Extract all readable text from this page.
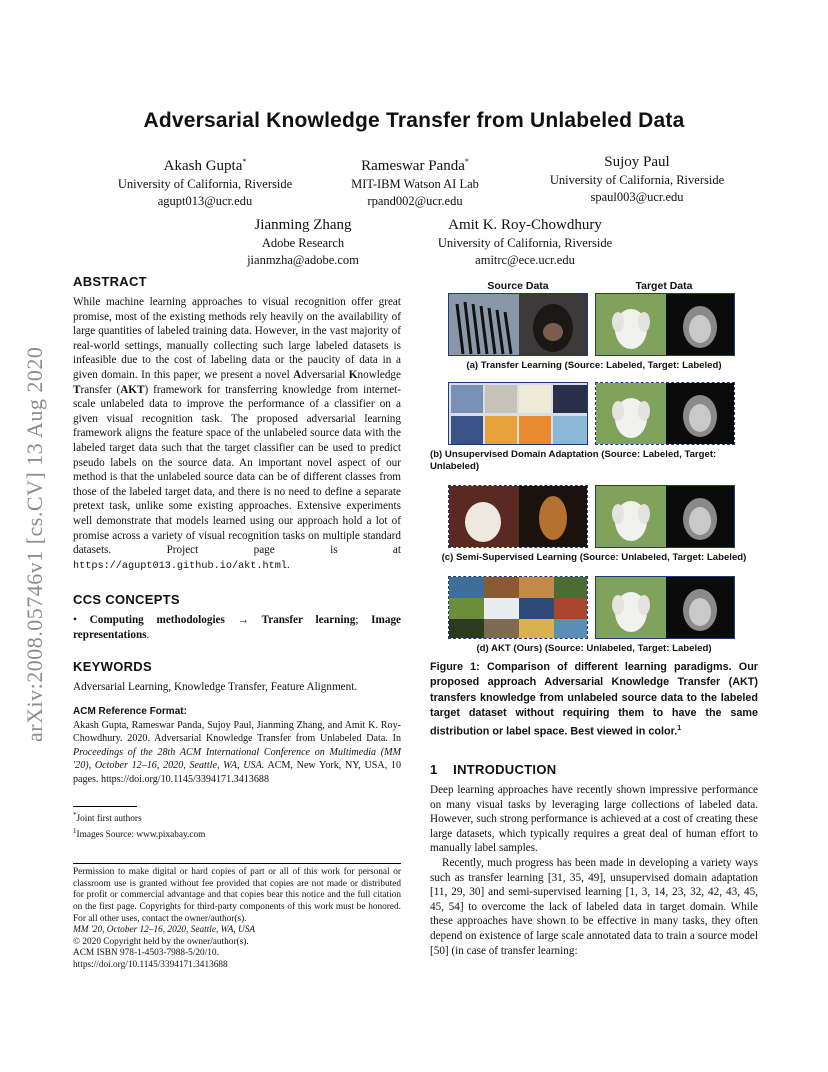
arXiv:2008.05746v1 [cs.CV] 13 Aug 2020
Adversarial Knowledge Transfer from Unlabeled Data
Akash Gupta*
University of California, Riverside
agupt013@ucr.edu
Rameswar Panda*
MIT-IBM Watson AI Lab
rpand002@ucr.edu
Sujoy Paul
University of California, Riverside
spaul003@ucr.edu
Jianming Zhang
Adobe Research
jianmzha@adobe.com
Amit K. Roy-Chowdhury
University of California, Riverside
amitrc@ece.ucr.edu
ABSTRACT

While machine learning approaches to visual recognition offer great promise, most of the existing methods rely heavily on the availability of large quantities of labeled training data. However, in the vast majority of real-world settings, manually collecting such large labeled datasets is infeasible due to the cost of labeling data or the paucity of data in a given domain. In this paper, we present a novel Adversarial Knowledge Transfer (AKT) framework for transferring knowledge from internet-scale unlabeled data to improve the performance of a classifier on a given visual recognition task. The proposed adversarial learning framework aligns the feature space of the unlabeled source data with the labeled target data such that the target classifier can be used to predict pseudo labels on the source data. An important novel aspect of our method is that the unlabeled source data can be of different classes from those of the labeled target data, and there is no need to define a separate pretext task, unlike some existing approaches. Extensive experiments well demonstrate that models learned using our approach hold a lot of promise across a variety of visual recognition tasks on multiple standard datasets. Project page is at https://agupt013.github.io/akt.html.

CCS CONCEPTS

• Computing methodologies → Transfer learning; Image representations.

KEYWORDS

Adversarial Learning, Knowledge Transfer, Feature Alignment.

ACM Reference Format:

Akash Gupta, Rameswar Panda, Sujoy Paul, Jianming Zhang, and Amit K. Roy-Chowdhury. 2020. Adversarial Knowledge Transfer from Unlabeled Data. In Proceedings of the 28th ACM International Conference on Multimedia (MM '20), October 12–16, 2020, Seattle, WA, USA. ACM, New York, NY, USA, 10 pages. https://doi.org/10.1145/3394171.3413688

*Joint first authors
$^1$Images Source: www.pixabay.com
Permission to make digital or hard copies of part or all of this work for personal or classroom use is granted without fee provided that copies are not made or distributed for profit or commercial advantage and that copies bear this notice and the full citation on the first page. Copyrights for third-party components of this work must be honored. For all other uses, contact the owner/author(s).
MM '20, October 12–16, 2020, Seattle, WA, USA
© 2020 Copyright held by the owner/author(s).
ACM ISBN 978-1-4503-7988-5/20/10.
https://doi.org/10.1145/3394171.3413688
Source Data	Target Data
(a) Transfer Learning (Source: Labeled, Target: Labeled)
(b) Unsupervised Domain Adaptation (Source: Labeled, Target: Unlabeled)
(c) Semi-Supervised Learning (Source: Unlabeled, Target: Labeled)
(d) AKT (Ours) (Source: Unlabeled, Target: Labeled)
Figure 1: Comparison of different learning paradigms. Our proposed approach Adversarial Knowledge Transfer (AKT) transfers knowledge from unlabeled source data to the labeled target dataset without requiring them to have the same distribution or label space. Best viewed in color.$^1$
1    INTRODUCTION

Deep learning approaches have recently shown impressive performance on many visual tasks by leveraging large collections of labeled data. However, such strong performance is achieved at a cost of creating these large datasets, which typically requires a great deal of human effort to manually label samples.

Recently, much progress has been made in developing a variety ways such as transfer learning [31, 35, 49], unsupervised domain adaptation [11, 29, 30] and semi-supervised learning [1, 3, 14, 23, 32, 42, 43, 45, 45, 54] to overcome the lack of labeled data in target domain. While these approaches have shown to be effective in many tasks, they often depend on existence of large scale annotated data to train a source model [50] (in case of transfer learning:
